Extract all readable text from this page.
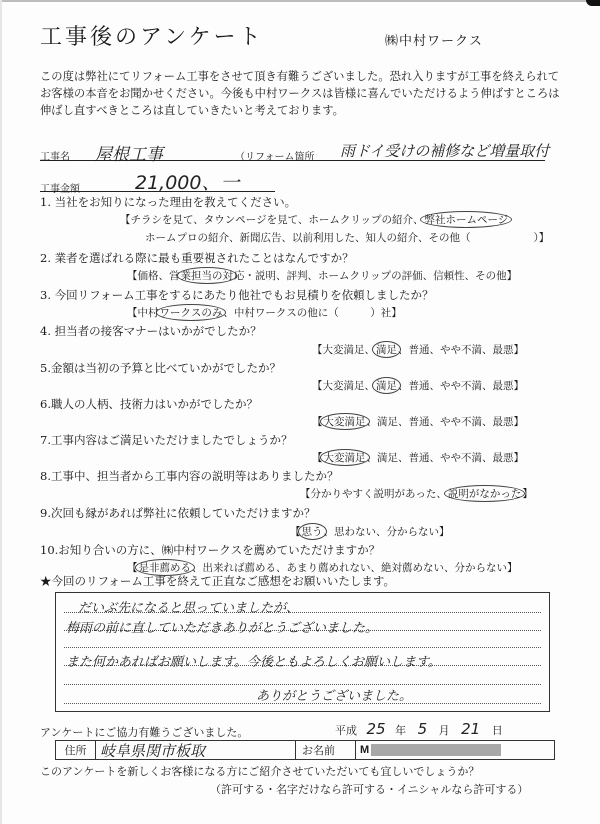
工事後のアンケート	㈱中村ワークス
この度は弊社にてリフォーム工事をさせて頂き有難うございました。恐れ入りますが工事を終えられてお客様の本音をお聞かせください。今後も中村ワークスは皆様に喜んでいただけるよう伸ばすところは伸ばし直すべきところは直していきたいと考えております。
工事名 屋根工事	（リフォーム箇所 雨ドイ受けの補修など増量取付
工事金額	21,000、一
1. 当社をお知りになった理由を教えてください。
【チラシを見て、タウンページを見て、ホームクリップの紹介、弊社ホームページ
ホームプロの紹介、新聞広告、以前利用した、知人の紹介、その他（　　　　　　）】
2. 業者を選ばれる際に最も重要視されたことはなんですか？
【価格、営業担当の対応・説明、評判、ホームクリップの評価、信頼性、その他】
3. 今回リフォーム工事をするにあたり他社でもお見積りを依頼しましたか？
【中村ワークスのみ、中村ワークスの他に（　　　）社】
4. 担当者の接客マナーはいかがでしたか？
【大変満足、満足、普通、やや不満、最悪】
5.金額は当初の予算と比べていかがでしたか？
【大変満足、満足、普通、やや不満、最悪】
6.職人の人柄、技術力はいかがでしたか？
【大変満足、満足、普通、やや不満、最悪】
7.工事内容はご満足いただけましたでしょうか？
【大変満足、満足、普通、やや不満、最悪】
8.工事中、担当者から工事内容の説明等はありましたか？
【分かりやすく説明があった、説明がなかった】
9.次回も縁があれば弊社に依頼していただけますか？
【思う、思わない、分からない】
10.お知り合いの方に、㈱中村ワークスを薦めていただけますか？
【是非薦める、出来れば薦める、あまり薦めれない、絶対薦めない、分からない】
★今回のリフォーム工事を終えて正直なご感想をお願いいたします。
だいぶ先になると思っていましたが、
梅雨の前に直していただきありがとうございました。
また何かあればお願いします。今後ともよろしくお願いします。
ありがとうございました。
アンケートにご協力有難うございました。	平成 25 年 5 月 21 日
住所 岐阜県関市板取	お名前 M
このアンケートを新しくお客様になる方にご紹介させていただいても宜しいでしょうか？
（許可する・名字だけなら許可する・イニシャルなら許可する）
